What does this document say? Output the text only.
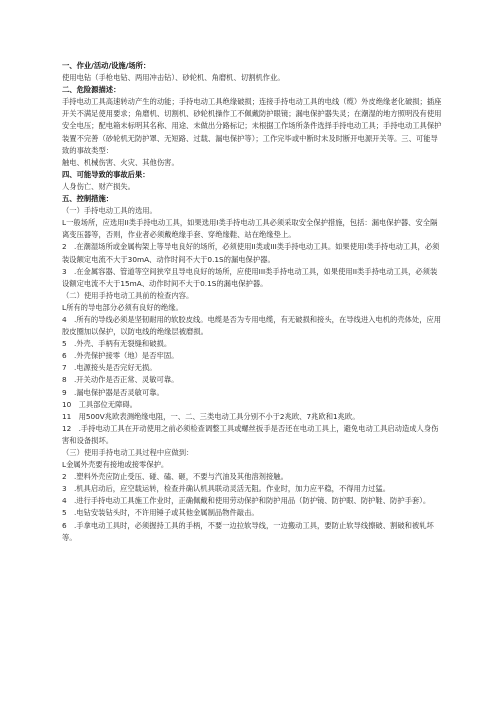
一、作业/活动/设施/场所：

使用电钻（手枪电钻、两用冲击钻）、砂轮机、角磨机、切割机作业。

二、危险源描述：

手持电动工具高速转动产生的动能；手持电动工具绝缘破损；连接手持电动工具的电线（缆）外皮绝缘老化破损；插座开关不满足使用要求；角磨机、切割机、砂轮机操作工不佩戴防护眼镜；漏电保护器失灵；在潮湿的地方照明没有使用安全电压；配电箱未标明其名称、用途、未做出分路标记；未根据工作场所条件选择手持电动工具；手持电动工具保护装置不完善（砂轮机无防护罩、无短路、过载、漏电保护等）；工作完毕或中断时未及时断开电源开关等。三、可能导致的事故类型：

触电、机械伤害、火灾、其他伤害。

四、可能导致的事故后果：

人身伤亡、财产损失。

五、控制措施：

（一）手持电动工具的选用。

L一般场所，应选用II类手持电动工具，如果选用I类手持电动工具必须采取安全保护措施，包括：漏电保护器、安全隔离变压器等，否则，作业者必须戴绝缘手套、穿绝缘鞋、站在绝缘垫上。

2　.在潮湿场所或金属构架上等导电良好的场所，必须使用II类或III类手持电动工具。如果使用I类手持电动工具，必须装设额定电流不大于30mA、动作时间不大于0.1S的漏电保护器。

3　.在金属容器、管道等空间狭窄且导电良好的场所，应使用III类手持电动工具，如果使用II类手持电动工具，必须装设额定电流不大于15mA、动作时间不大于0.1S的漏电保护器。

（二）使用手持电动工具前的检查内容。

L所有的导电部分必须有良好的绝缘。

4　.所有的导线必须是坚韧耐用的软胶皮线。电缆是否为专用电缆，有无破损和接头，在导线进入电机的壳体处，应用胶皮圈加以保护，以防电线的绝缘层被磨损。

5　.外壳、手柄有无裂缝和破损。

6　.外壳保护接零（地）是否牢固。

7　.电源接头是否完好无损。

8　.开关动作是否正常、灵敏可靠。

9　.漏电保护器是否灵敏可靠。

10　工具部位无障碍。

11　用500V兆欧表测绝缘电阻，一、二、三类电动工具分别不小于2兆欧、7兆欧和1兆欧。

12　.手持电动工具在开动使用之前必须检查调整工具或螺丝扳手是否还在电动工具上，避免电动工具启动造成人身伤害和设备损坏。

（三）使用手持电动工具过程中应做到：

L金属外壳要有接地或接零保护。

2　.塑料外壳应防止受压、碰、磕、砸，不要与汽油及其他溶剂接触。

3　.机具启动后，应空载运转，检查并确认机具联动灵活无阻。作业时，加力应平稳，不得用力过猛。

4　.进行手持电动工具施工作业时，正确佩戴和使用劳动保护和防护用品（防护镜、防护眼、防护鞋、防护手套）。

5　.电钻安装钻头时，不许用锤子或其他金属制品物件敲击。

6　.手拿电动工具时，必须握持工具的手柄，不要一边拉软导线，一边搬动工具，要防止软导线擦破、割破和被轧坏等。
